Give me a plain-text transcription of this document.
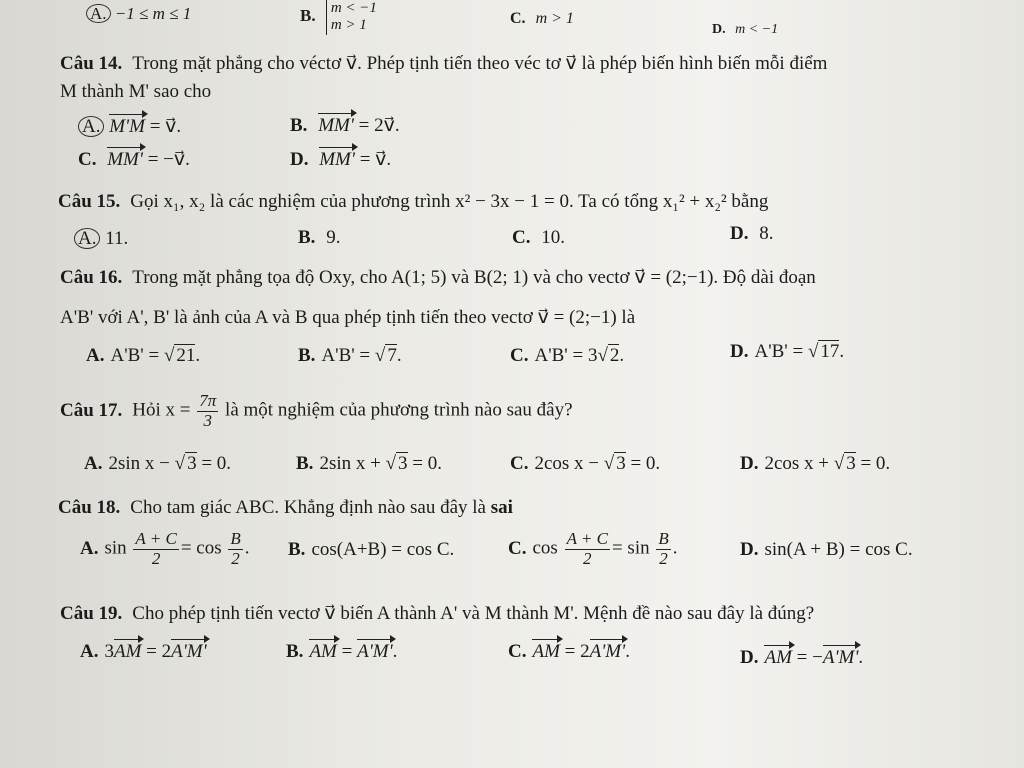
A. −1 ≤ m ≤ 1	B. m < −1
m > 1	C. m > 1
D. m < −1
Câu 14. Trong mặt phẳng cho véctơ v⃗. Phép tịnh tiến theo véc tơ v⃗ là phép biến hình biến mỗi điểm
M thành M' sao cho
A. M'M = v⃗.	B. MM' = 2v⃗.
C. MM' = −v⃗.	D. MM' = v⃗.
Câu 15. Gọi x₁, x₂ là các nghiệm của phương trình x² − 3x − 1 = 0. Ta có tổng x₁² + x₂² bằng
A. 11.	B. 9.	C. 10.	D. 8.
Câu 16. Trong mặt phẳng tọa độ Oxy, cho A(1; 5) và B(2; 1) và cho vectơ v⃗ = (2;−1). Độ dài đoạn
A'B' với A', B' là ảnh của A và B qua phép tịnh tiến theo vectơ v⃗ = (2;−1) là
A. A'B' = √ 21.	B. A'B' = √ 7.	C. A'B' = 3√ 2.	D. A'B' = √ 17.
Câu 17. Hỏi $x = \frac{7\pi}{3}$ là một nghiệm của phương trình nào sau đây?
A. 2sin x − √ 3 = 0.	B. 2sin x + √ 3 = 0.	C. 2cos x − √ 3 = 0.	D. 2cos x + √ 3 = 0.
Câu 18. Cho tam giác ABC. Khẳng định nào sau đây là sai
A. $\sin \frac{A + C}{2} = \cos \frac{B}{2}$ . B. cos(A+B) = cos C.	C. $\cos \frac{A + C}{2} = \sin \frac{B}{2}$ .	D. sin(A + B) = cos C.
Câu 19. Cho phép tịnh tiến vectơ v⃗ biến A thành A' và M thành M'. Mệnh đề nào sau đây là đúng?
A. 3AM = 2A'M'	B. AM = A'M'.	C. AM = 2A'M'.	D. AM = −A'M'.
